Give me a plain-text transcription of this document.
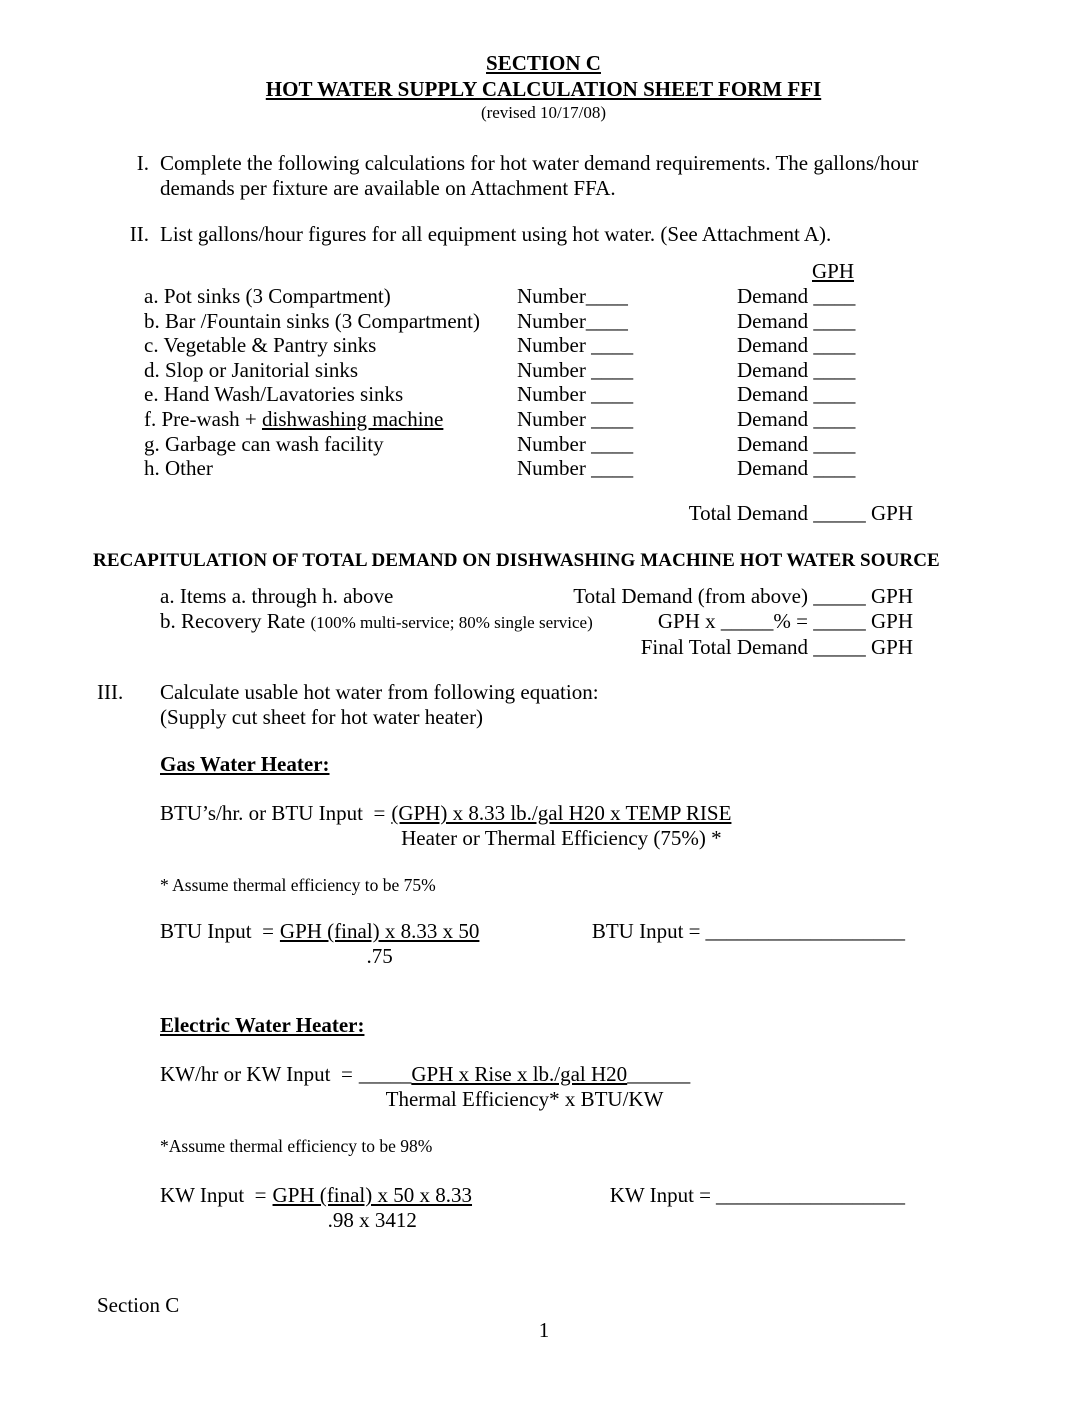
SECTION C
HOT WATER SUPPLY CALCULATION SHEET FORM FFI
(revised 10/17/08)
I. Complete the following calculations for hot water demand requirements. The gallons/hour
demands per fixture are available on Attachment FFA.
II. List gallons/hour figures for all equipment using hot water. (See Attachment A).
GPH
a. Pot sinks (3 Compartment)	Number____	Demand ____
b. Bar /Fountain sinks (3 Compartment)	Number____	Demand ____
c. Vegetable & Pantry sinks	Number ____	Demand ____
d. Slop or Janitorial sinks	Number ____	Demand ____
e. Hand Wash/Lavatories sinks	Number ____	Demand ____
f. Pre-wash + dishwashing machine	Number ____	Demand ____
g. Garbage can wash facility	Number ____	Demand ____
h. Other	Number ____	Demand ____
Total Demand _____ GPH
RECAPITULATION OF TOTAL DEMAND ON DISHWASHING MACHINE HOT WATER SOURCE
a. Items a. through h. above	Total Demand (from above) _____ GPH
b. Recovery Rate (100% multi-service; 80% single service)	GPH x _____% = _____ GPH
Final Total Demand _____ GPH
III.	Calculate usable hot water from following equation:
(Supply cut sheet for hot water heater)
Gas Water Heater:
BTU’s/hr. or BTU Input  = $\frac{\text{(GPH) x 8.33 lb./gal H20 x TEMP RISE}}{\text{Heater or Thermal Efficiency (75\%) *}}$
* Assume thermal efficiency to be 75%
BTU Input  = $\frac{\text{GPH (final) x 8.33 x 50}}{.75}$	BTU Input = ___________________
Electric Water Heater:
KW/hr or KW Input  = _____GPH x Rise x lb./gal H20______
Thermal Efficiency* x BTU/KW
*Assume thermal efficiency to be 98%
KW Input  = $\frac{\text{GPH (final) x 50 x 8.33}}{.98 x 3412}$	KW Input = __________________
Section C
1
